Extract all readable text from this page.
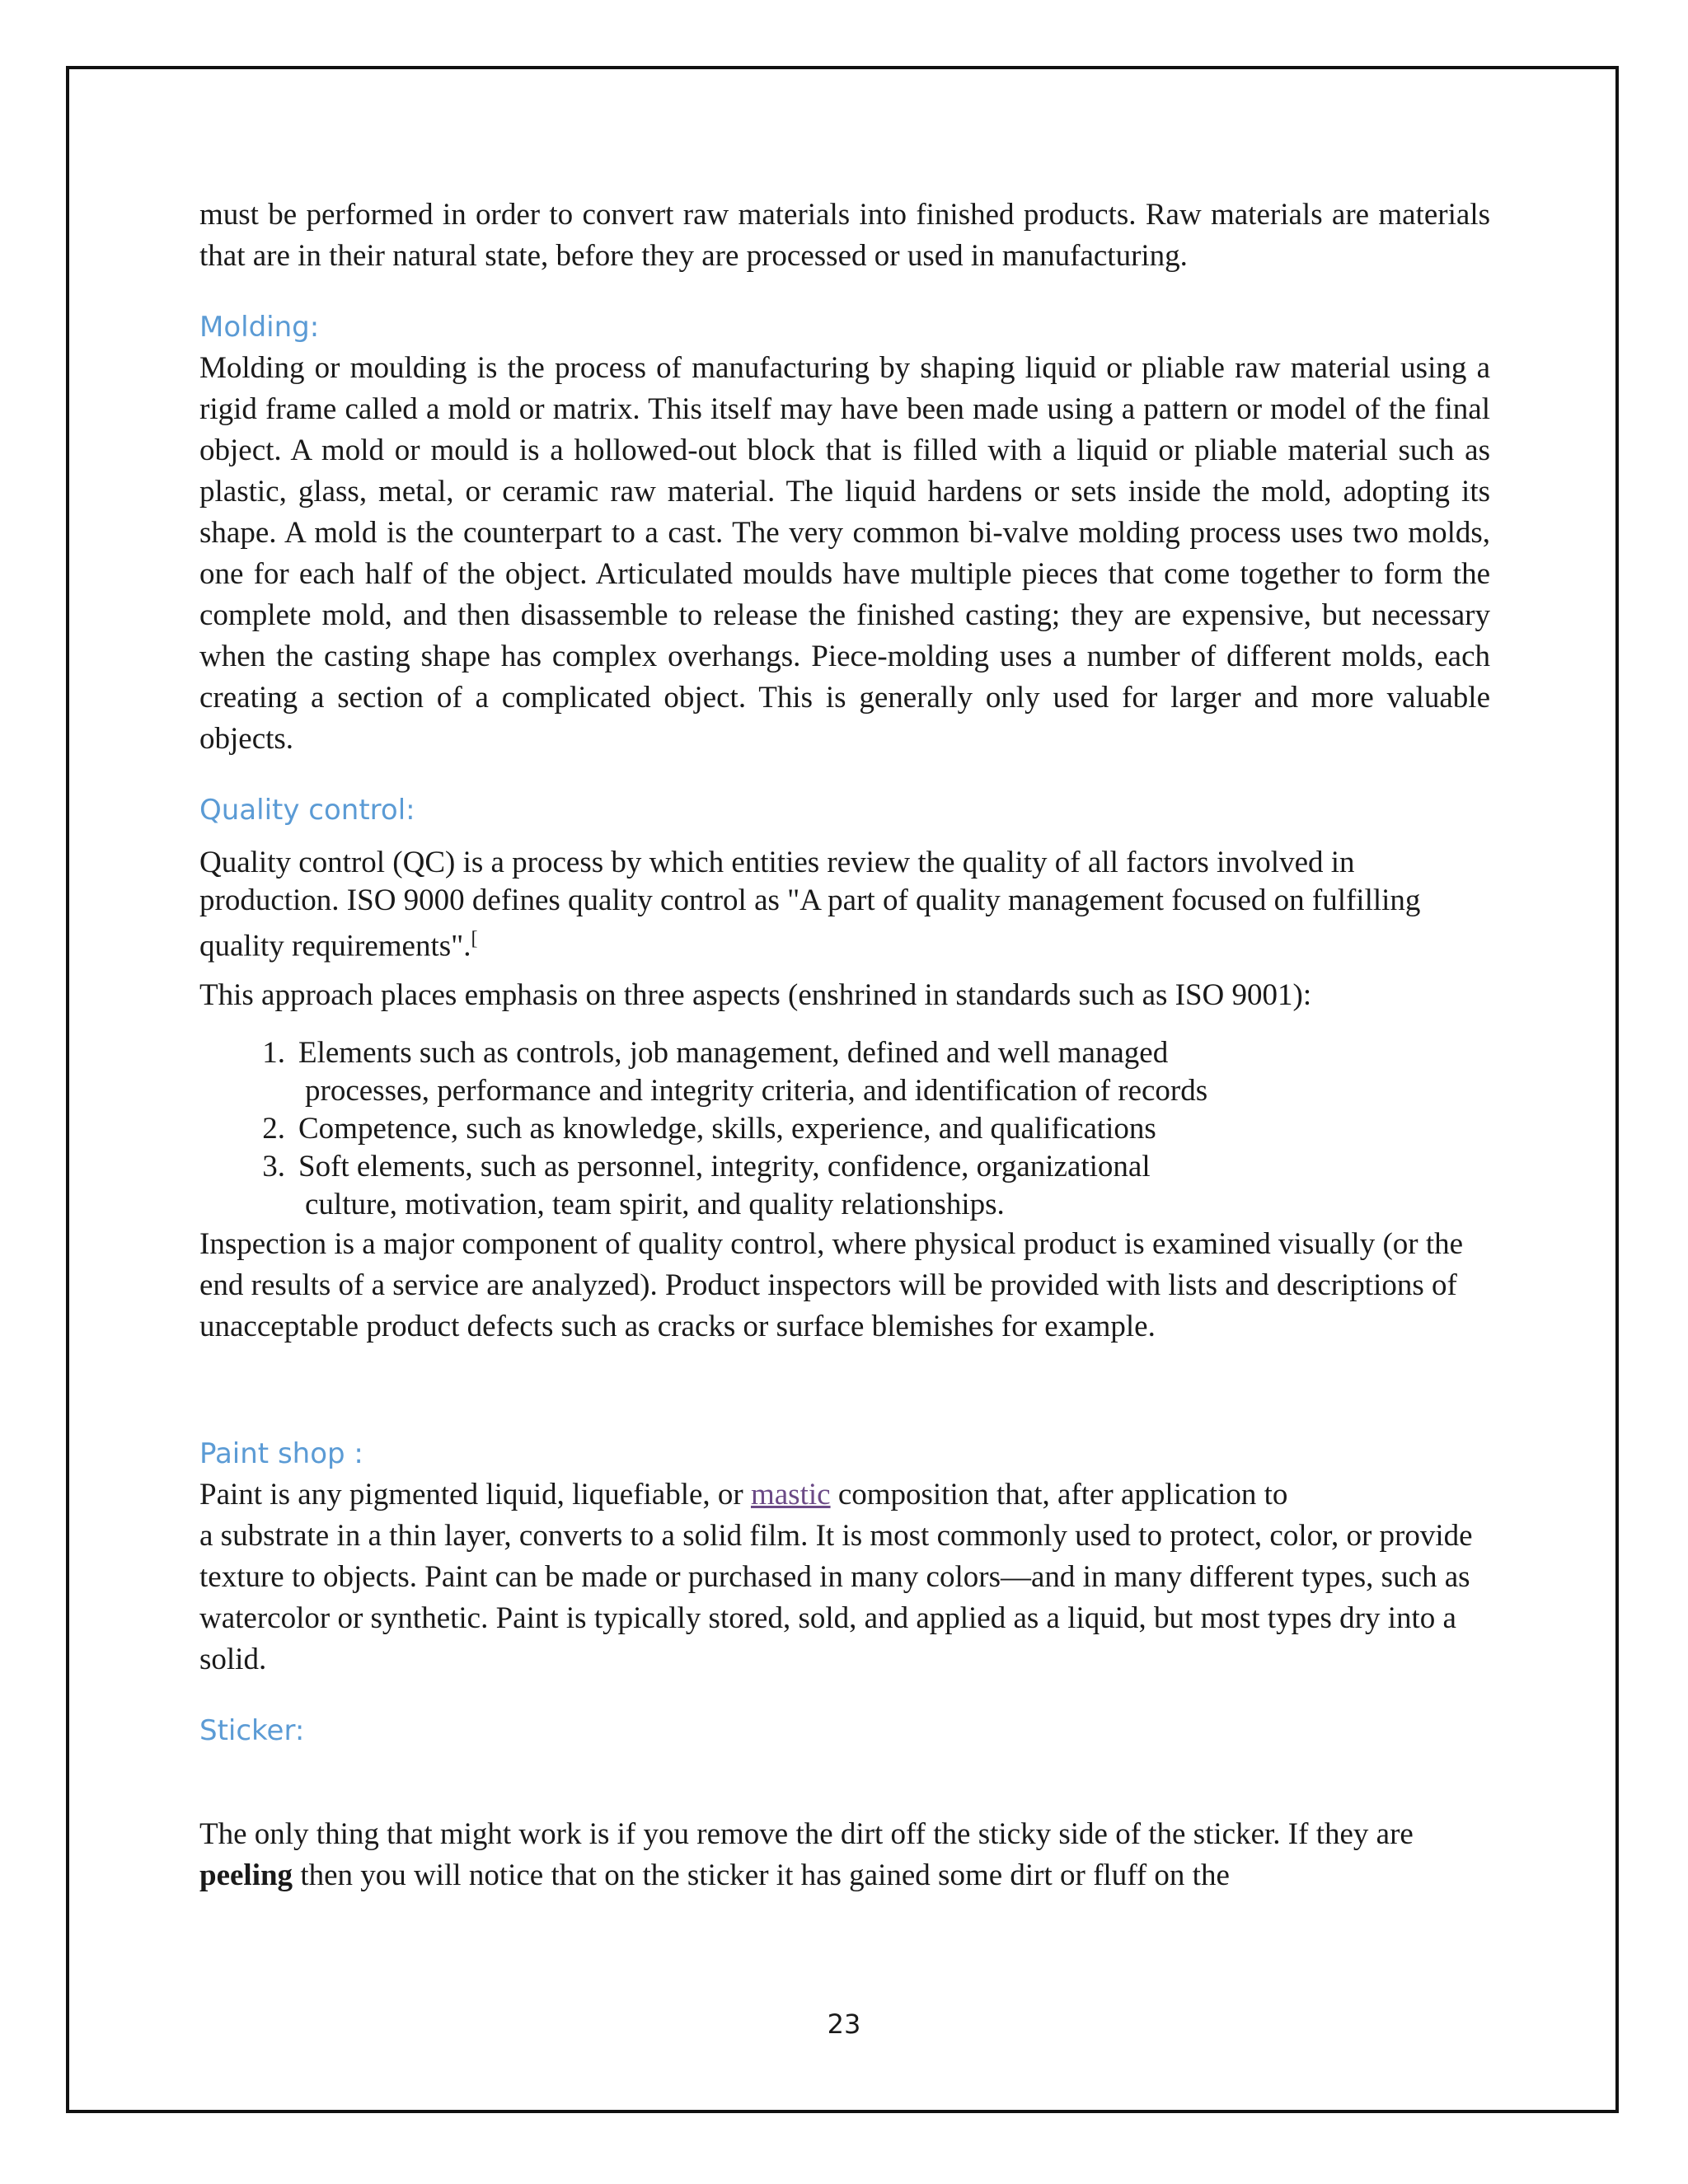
must be performed in order to convert raw materials into finished products. Raw materials are materials that are in their natural state, before they are processed or used in manufacturing.

Molding:

Molding or moulding is the process of manufacturing by shaping liquid or pliable raw material using a rigid frame called a mold or matrix. This itself may have been made using a pattern or model of the final object. A mold or mould is a hollowed-out block that is filled with a liquid or pliable material such as plastic, glass, metal, or ceramic raw material. The liquid hardens or sets inside the mold, adopting its shape. A mold is the counterpart to a cast. The very common bi-valve molding process uses two molds, one for each half of the object. Articulated moulds have multiple pieces that come together to form the complete mold, and then disassemble to release the finished casting; they are expensive, but necessary when the casting shape has complex overhangs. Piece-molding uses a number of different molds, each creating a section of a complicated object. This is generally only used for larger and more valuable objects.

Quality control:

Quality control (QC) is a process by which entities review the quality of all factors involved in production. ISO 9000 defines quality control as "A part of quality management focused on fulfilling quality requirements".[

This approach places emphasis on three aspects (enshrined in standards such as ISO 9001):

1. Elements such as controls, job management, defined and well managed
processes, performance and integrity criteria, and identification of records
2. Competence, such as knowledge, skills, experience, and qualifications
3. Soft elements, such as personnel, integrity, confidence, organizational
culture, motivation, team spirit, and quality relationships.

Inspection is a major component of quality control, where physical product is examined visually (or the end results of a service are analyzed). Product inspectors will be provided with lists and descriptions of unacceptable product defects such as cracks or surface blemishes for example.

Paint shop :

Paint is any pigmented liquid, liquefiable, or mastic composition that, after application to

a substrate in a thin layer, converts to a solid film. It is most commonly used to protect, color, or provide texture to objects. Paint can be made or purchased in many colors—and in many different types, such as watercolor or synthetic. Paint is typically stored, sold, and applied as a liquid, but most types dry into a solid.

Sticker:

The only thing that might work is if you remove the dirt off the sticky side of the sticker. If they are peeling then you will notice that on the sticker it has gained some dirt or fluff on the

23
